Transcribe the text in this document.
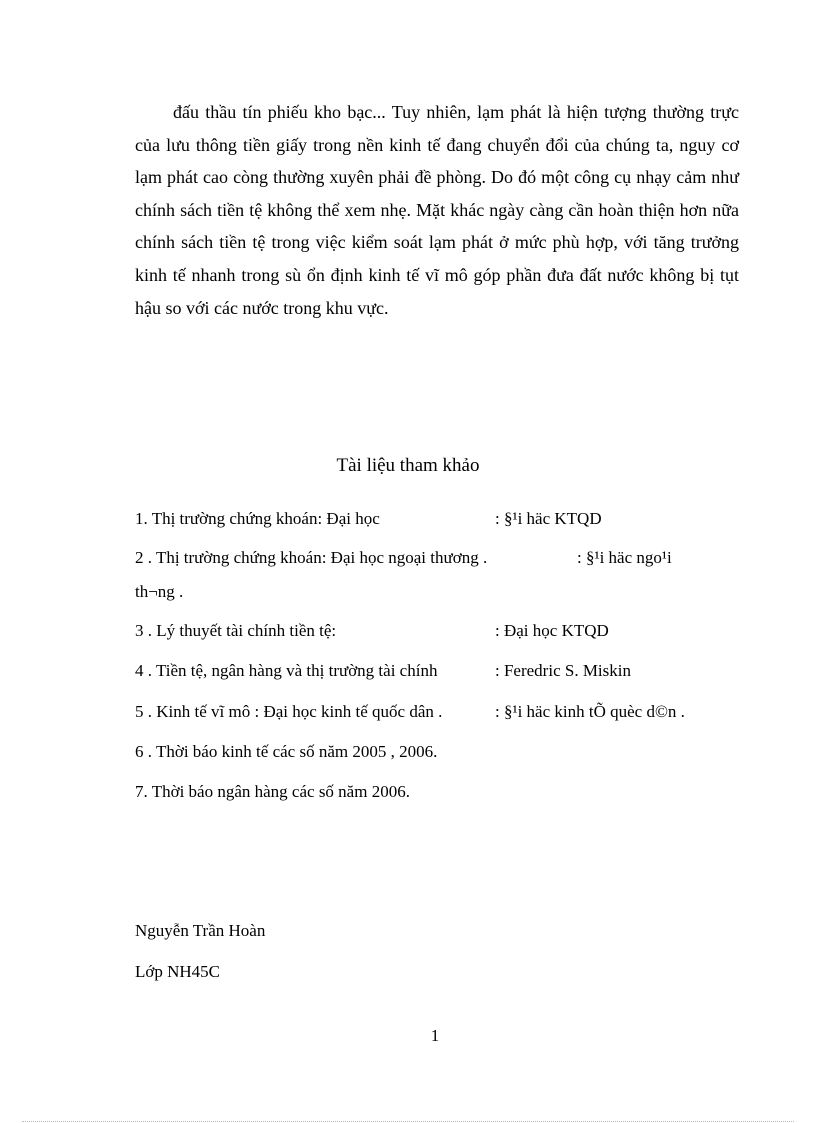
đấu thầu tín phiếu kho bạc... Tuy nhiên, lạm phát là hiện tượng thường trực của lưu thông tiền giấy trong nền kinh tế đang chuyển đổi của chúng ta, nguy cơ lạm phát cao còng thường xuyên phải đề phòng. Do đó một công cụ nhạy cảm như chính sách tiền tệ không thể xem nhẹ. Mặt khác ngày càng cần hoàn thiện hơn nữa chính sách tiền tệ trong việc kiểm soát lạm phát ở mức phù hợp, với tăng trưởng kinh tế nhanh trong sù ổn định kinh tế vĩ mô góp phần đưa đất nước không bị tụt hậu so với các nước trong khu vực.

Tài liệu tham khảo

1. Thị trường chứng khoán: Đại học	: §¹i häc KTQD
2 . Thị trường chứng khoán: Đại học ngoại thương .	: §¹i häc ngo¹i
th¬ng .
3 . Lý thuyết tài chính tiền tệ:	: Đại học KTQD
4 . Tiền tệ, ngân hàng và thị trường tài chính	: Feredric S. Miskin
5 . Kinh tế vĩ mô : Đại học kinh tế quốc dân .	: §¹i häc kinh tÕ quèc d©n .
6 . Thời báo kinh tế các số năm 2005 , 2006.
7. Thời báo ngân hàng các số năm 2006.

Nguyễn Trần Hoàn

Lớp NH45C

1
